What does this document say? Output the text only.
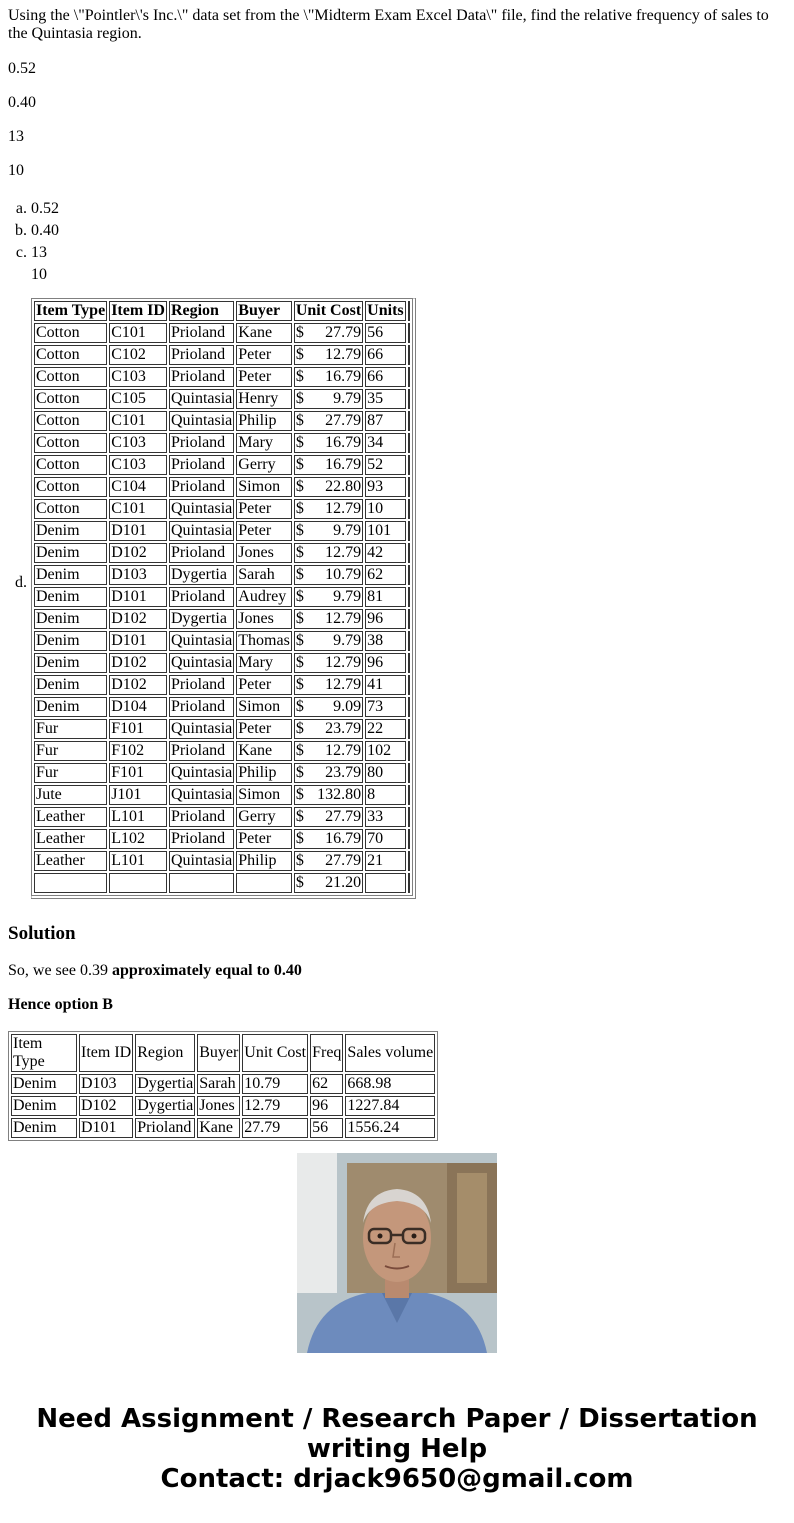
Using the \"Pointler\'s Inc.\" data set from the \"Midterm Exam Excel Data\" file, find the relative frequency of sales to the Quintasia region.

0.52

0.40

13

10

a. 0.52
b. 0.40
c. 13
10
d.
Item Type	Item ID	Region	Buyer	Unit Cost	Units	
Cotton	C101	Prioland	Kane	$ 27.79	56	
Cotton	C102	Prioland	Peter	$ 12.79	66	
Cotton	C103	Prioland	Peter	$ 16.79	66	
Cotton	C105	Quintasia	Henry	$ 9.79	35	
Cotton	C101	Quintasia	Philip	$ 27.79	87	
Cotton	C103	Prioland	Mary	$ 16.79	34	
Cotton	C103	Prioland	Gerry	$ 16.79	52	
Cotton	C104	Prioland	Simon	$ 22.80	93	
Cotton	C101	Quintasia	Peter	$ 12.79	10	
Denim	D101	Quintasia	Peter	$ 9.79	101	
Denim	D102	Prioland	Jones	$ 12.79	42	
Denim	D103	Dygertia	Sarah	$ 10.79	62	
Denim	D101	Prioland	Audrey	$ 9.79	81	
Denim	D102	Dygertia	Jones	$ 12.79	96	
Denim	D101	Quintasia	Thomas	$ 9.79	38	
Denim	D102	Quintasia	Mary	$ 12.79	96	
Denim	D102	Prioland	Peter	$ 12.79	41	
Denim	D104	Prioland	Simon	$ 9.09	73	
Fur	F101	Quintasia	Peter	$ 23.79	22	
Fur	F102	Prioland	Kane	$ 12.79	102	
Fur	F101	Quintasia	Philip	$ 23.79	80	
Jute	J101	Quintasia	Simon	$ 132.80	8	
Leather	L101	Prioland	Gerry	$ 27.79	33	
Leather	L102	Prioland	Peter	$ 16.79	70	
Leather	L101	Quintasia	Philip	$ 27.79	21	

				$ 21.20		
Solution

So, we see 0.39 approximately equal to 0.40

Hence option B

Item Type	Item ID	Region	Buyer	Unit Cost	Freq	Sales volume
Denim	D103	Dygertia	Sarah	10.79	62	668.98
Denim	D102	Dygertia	Jones	12.79	96	1227.84
Denim	D101	Prioland	Kane	27.79	56	1556.24
Need Assignment / Research Paper / Dissertation
writing Help
Contact: drjack9650@gmail.com
